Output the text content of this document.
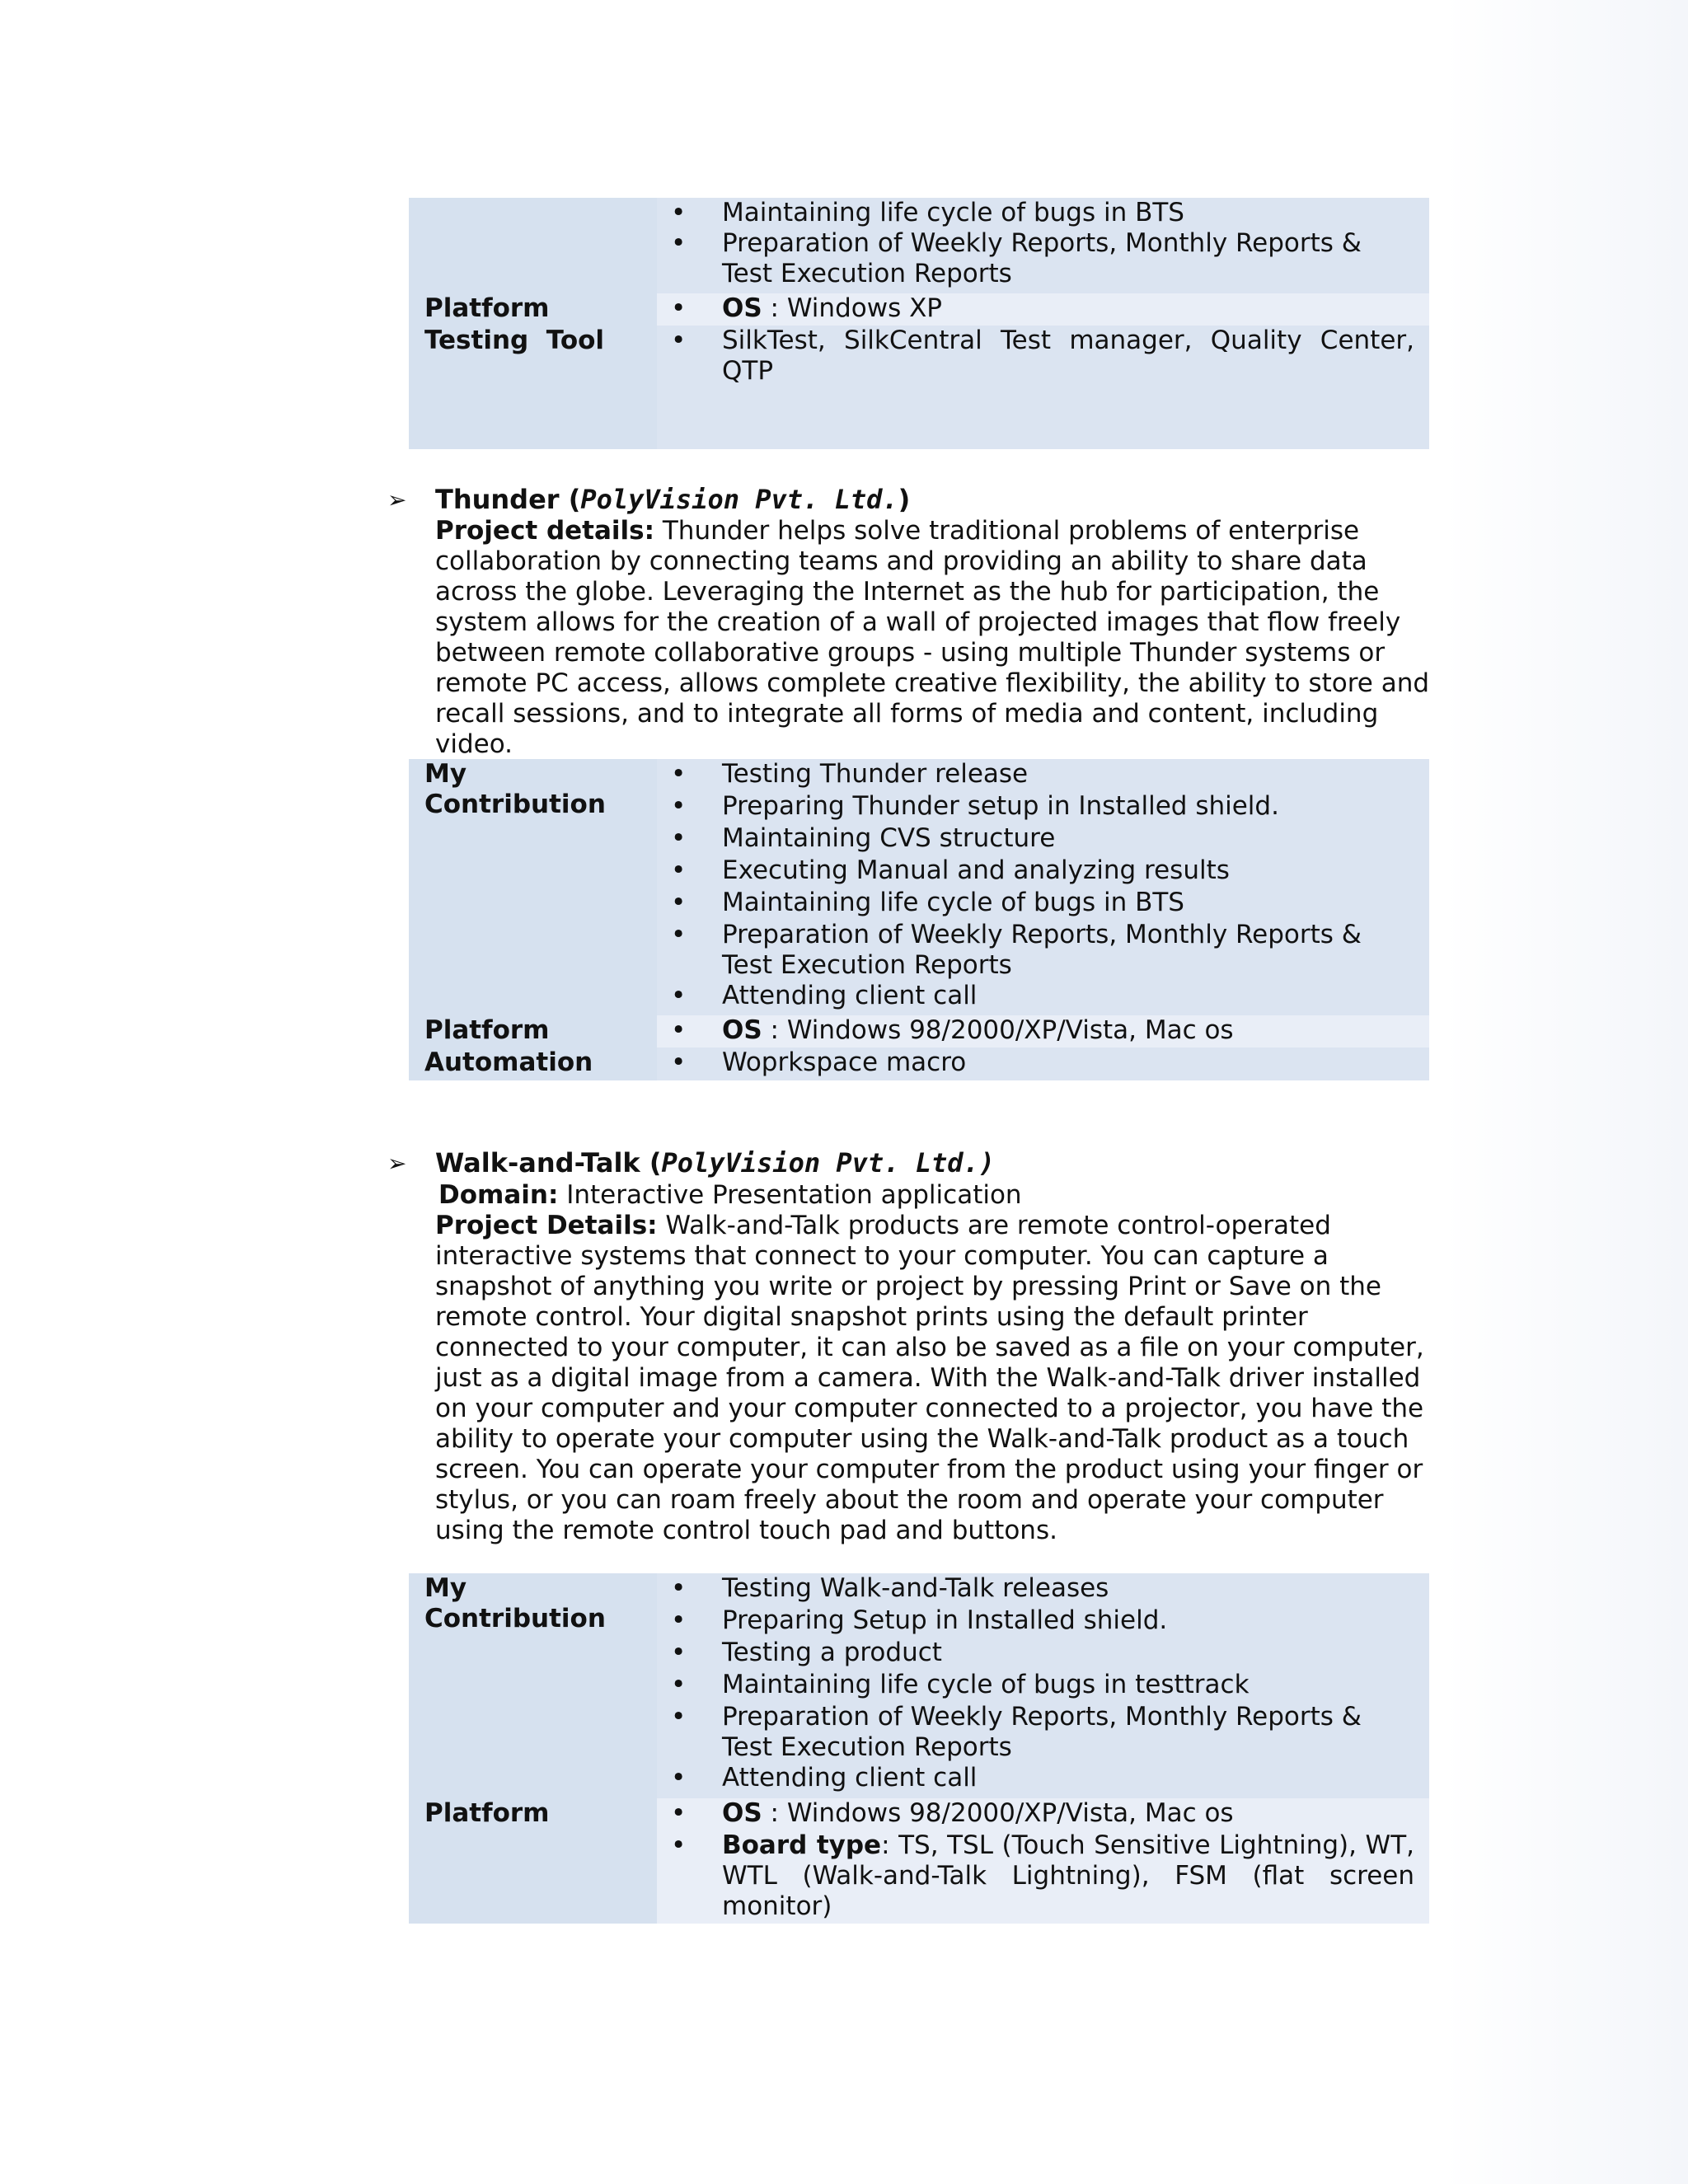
Platform
Testing  Tool
• Maintaining life cycle of bugs in BTS
• Preparation of Weekly Reports, Monthly Reports & Test Execution Reports
• OS : Windows XP
• SilkTest, SilkCentral Test manager, Quality Center, QTP
➢ Thunder (PolyVision Pvt. Ltd.)

Project details: Thunder helps solve traditional problems of enterprise collaboration by connecting teams and providing an ability to share data across the globe. Leveraging the Internet as the hub for participation, the system allows for the creation of a wall of projected images that flow freely between remote collaborative groups - using multiple Thunder systems or remote PC access, allows complete creative flexibility, the ability to store and recall sessions, and to integrate all forms of media and content, including video.

My
Contribution
Platform
Automation
• Testing Thunder release
• Preparing Thunder setup in Installed shield.
• Maintaining CVS structure
• Executing Manual and analyzing results
• Maintaining life cycle of bugs in BTS
• Preparation of Weekly Reports, Monthly Reports & Test Execution Reports
• Attending client call
• OS : Windows 98/2000/XP/Vista, Mac os
• Woprkspace macro
➢ Walk-and-Talk (PolyVision Pvt. Ltd.)
Domain: Interactive Presentation application

Project Details: Walk-and-Talk products are remote control-operated interactive systems that connect to your computer. You can capture a snapshot of anything you write or project by pressing Print or Save on the remote control. Your digital snapshot prints using the default printer connected to your computer, it can also be saved as a file on your computer, just as a digital image from a camera. With the Walk-and-Talk driver installed on your computer and your computer connected to a projector, you have the ability to operate your computer using the Walk-and-Talk product as a touch screen. You can operate your computer from the product using your finger or stylus, or you can roam freely about the room and operate your computer using the remote control touch pad and buttons.

My
Contribution
Platform
• Testing Walk-and-Talk releases
• Preparing Setup in Installed shield.
• Testing a product
• Maintaining life cycle of bugs in testtrack
• Preparation of Weekly Reports, Monthly Reports & Test Execution Reports
• Attending client call
• OS : Windows 98/2000/XP/Vista, Mac os
• Board type: TS, TSL (Touch Sensitive Lightning), WT, WTL (Walk-and-Talk Lightning), FSM (flat screen monitor)
